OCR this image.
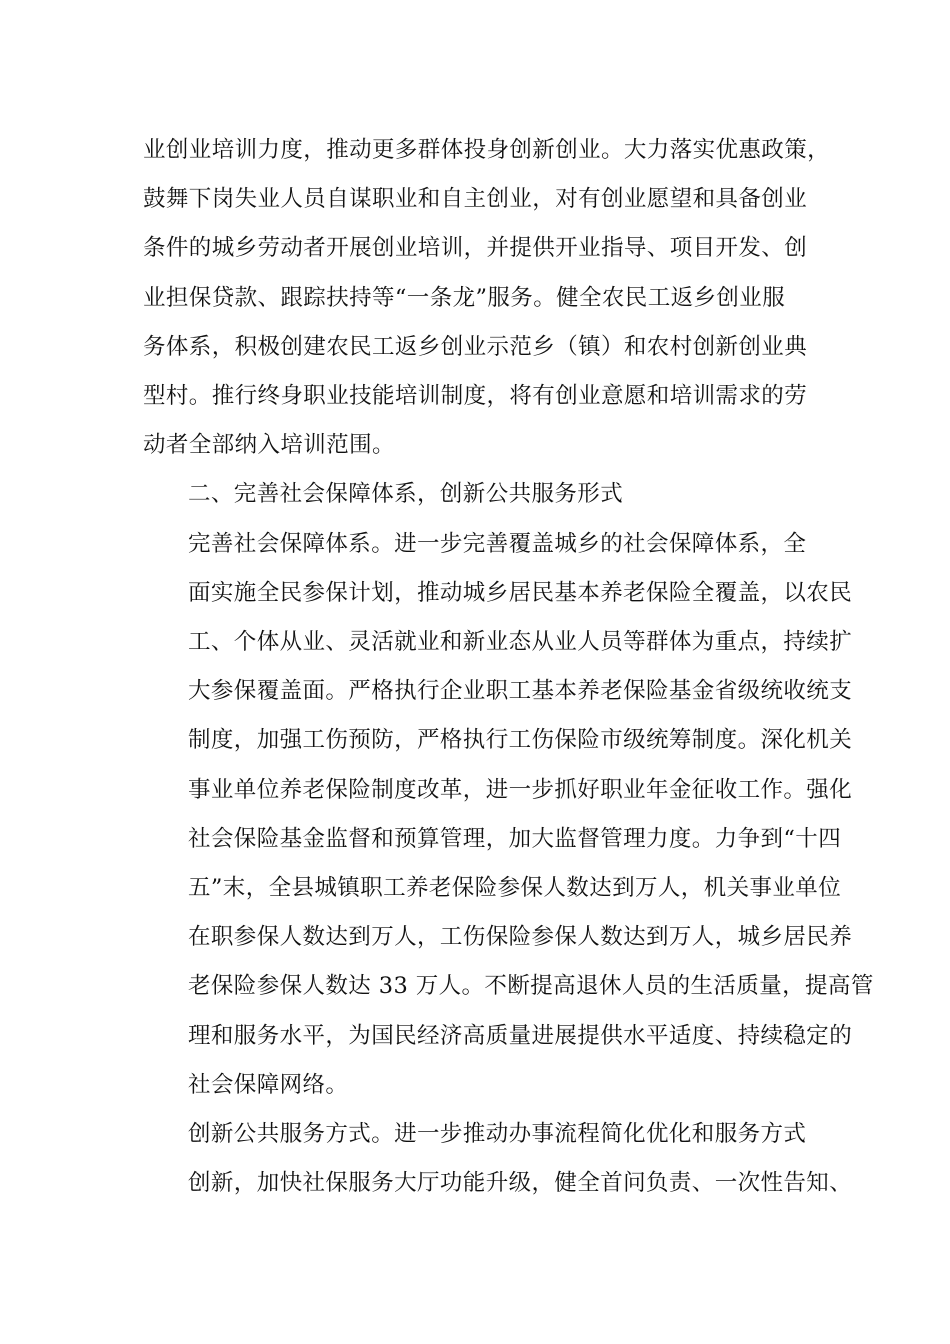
业创业培训力度，推动更多群体投身创新创业。大力落实优惠政策，
鼓舞下岗失业人员自谋职业和自主创业，对有创业愿望和具备创业
条件的城乡劳动者开展创业培训，并提供开业指导、项目开发、创
业担保贷款、跟踪扶持等“一条龙”服务。健全农民工返乡创业服
务体系，积极创建农民工返乡创业示范乡（镇）和农村创新创业典
型村。推行终身职业技能培训制度，将有创业意愿和培训需求的劳
动者全部纳入培训范围。

二、完善社会保障体系，创新公共服务形式

完善社会保障体系。进一步完善覆盖城乡的社会保障体系，全
面实施全民参保计划，推动城乡居民基本养老保险全覆盖，以农民
工、个体从业、灵活就业和新业态从业人员等群体为重点，持续扩
大参保覆盖面。严格执行企业职工基本养老保险基金省级统收统支
制度，加强工伤预防，严格执行工伤保险市级统筹制度。深化机关
事业单位养老保险制度改革，进一步抓好职业年金征收工作。强化
社会保险基金监督和预算管理，加大监督管理力度。力争到“十四
五”末，全县城镇职工养老保险参保人数达到万人，机关事业单位
在职参保人数达到万人，工伤保险参保人数达到万人，城乡居民养
老保险参保人数达 33 万人。不断提高退休人员的生活质量，提高管
理和服务水平，为国民经济高质量进展提供水平适度、持续稳定的
社会保障网络。

创新公共服务方式。进一步推动办事流程简化优化和服务方式
创新，加快社保服务大厅功能升级，健全首问负责、一次性告知、
